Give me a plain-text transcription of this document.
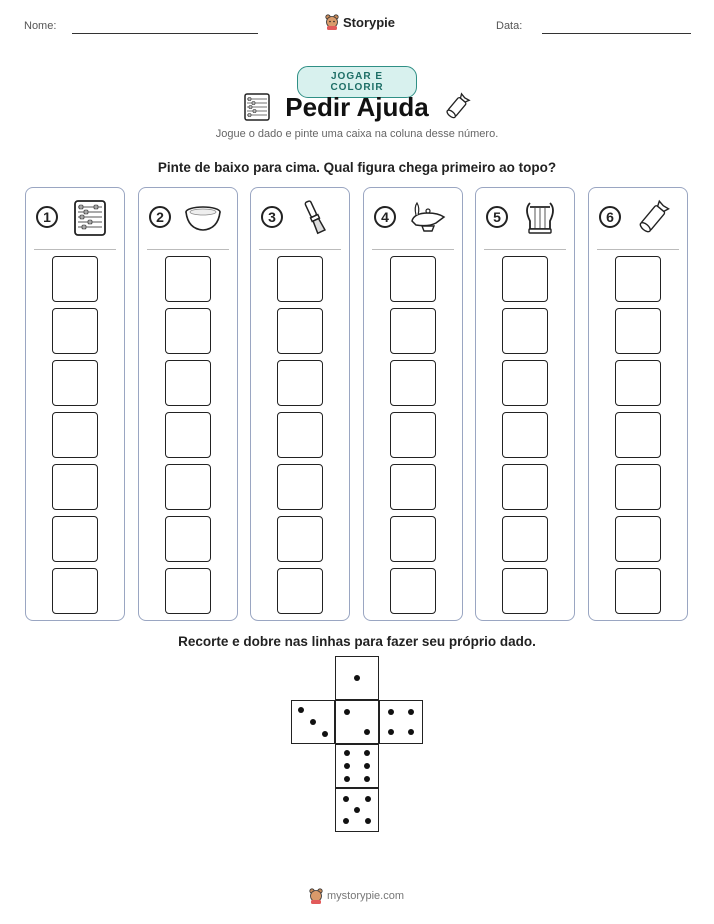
Nome:	Storypie	Data:
JOGAR E COLORIR
Pedir Ajuda
Jogue o dado e pinte uma caixa na coluna desse número.
Pinte de baixo para cima. Qual figura chega primeiro ao topo?
1	2	3	4	5	6
Recorte e dobre nas linhas para fazer seu próprio dado.
mystorypie.com
